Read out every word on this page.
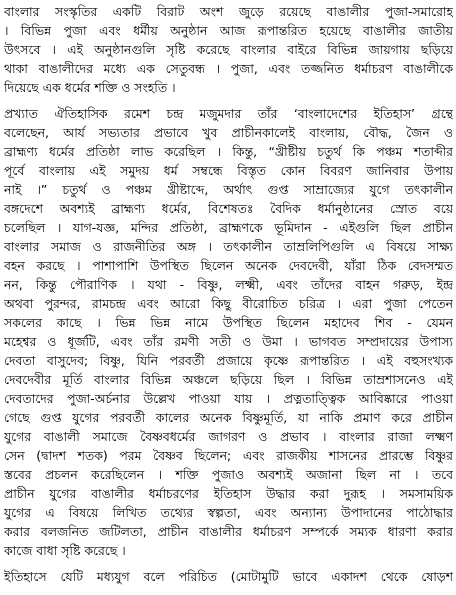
বাংলার সংস্কৃতির একটি বিরাট অংশ জুড়ে রয়েছে বাঙালীর পুজা-সমারোহ
। বিভিন্ন পুজা এবং ধর্মীয় অনুষ্ঠান আজ রূপান্তরিত হয়েছে বাঙালীর জাতীয়
উৎসবে । এই অনুষ্ঠানগুলি সৃষ্টি করেছে বাংলার বাইরে বিভিন্ন জায়গায় ছড়িয়ে
থাকা বাঙালীদের মধ্যে এক সেতুবন্ধ । পুজা, এবং তজ্জনিত ধর্মাচরণ বাঙালীকে
দিয়েছে এক ধর্মের শক্তি ও সংহতি ।
প্রখ্যাত ঐতিহাসিক রমেশ চন্দ্র মজুমদার তাঁর ‘বাংলাদেশের ইতিহাস’ গ্রন্থে
বলেছেন, আর্য সভ্যতার প্রভাবে খুব প্রাচীনকালেই বাংলায়, বৌদ্ধ, জৈন ও
ব্রাহ্মণ্য ধর্মের প্রতিষ্ঠা লাভ করেছিল । কিন্তু, “খ্রীষ্টীয় চতুর্থ কি পঞ্চম শতাব্দীর
পূর্বে বাংলায় এই সমুদয় ধর্ম সম্বন্ধে বিস্তৃত কোন বিবরণ জানিবার উপায়
নাই ।” চতুর্থ ও পঞ্চম খ্রীষ্টাব্দে, অর্থাৎ গুপ্ত সাম্রাজ্যের যুগে তৎকালীন
বঙ্গদেশে অবশ্যই ব্রাহ্মণ্য ধর্মের, বিশেষতঃ বৈদিক ধর্মানুষ্ঠানের স্রোত বয়ে
চলেছিল । যাগ-যজ্ঞ, মন্দির প্রতিষ্ঠা, ব্রাহ্মণকে ভূমিদান - এইগুলি ছিল প্রাচীন
বাংলার সমাজ ও রাজনীতির অঙ্গ । তৎকালীন তাম্রলিপিগুলি এ বিষয়ে সাক্ষ্য
বহন করছে । পাশাপাশি উপস্থিত ছিলেন অনেক দেবদেবী, যাঁরা ঠিক বেদসম্মত
নন, কিন্তু পৌরাণিক । যথা - বিষ্ণু, লক্ষ্মী, এবং তাঁদের বাহন গরুড়, ইন্দ্র
অথবা পুরন্দর, রামচন্দ্র এবং আরো কিছু বীরোচিত চরিত্র । এরা পুজা পেতেন
সকলের কাছে । ভিন্ন ভিন্ন নামে উপস্থিত ছিলেন মহাদেব শিব - যেমন
মহেশ্বর ও ধূর্জটি, এবং তাঁর রমণী সতী ও উমা । ভাগবত সম্প্রদায়ের উপাস্য
দেবতা বাসুদেব; বিষ্ণু, যিনি পরবর্তী প্রজায়ে কৃষ্ণে রূপান্তরিত । এই বহুসংখ্যক
দেবদেবীর মূর্তি বাংলার বিভিন্ন অঞ্চলে ছড়িয়ে ছিল । বিভিন্ন তাম্রশাসনেও এই
দেবতাদের পুজা-অর্চনার উল্লেখ পাওয়া যায় । প্রত্নতাত্ত্বিক আবিষ্কারে পাওয়া
গেছে গুপ্ত যুগের পরবর্তী কালের অনেক বিষ্ণুমূর্তি, যা নাকি প্রমাণ করে প্রাচীন
যুগের বাঙালী সমাজে বৈষ্ণবধর্মের জাগরণ ও প্রভাব । বাংলার রাজা লক্ষ্মণ
সেন (দ্বাদশ শতক) পরম বৈষ্ণব ছিলেন; এবং রাজকীয় শাসনের প্রারম্ভে বিষ্ণুর
স্তবের প্রচলন করেছিলেন । শক্তি পুজাও অবশ্যই অজানা ছিল না । তবে
প্রাচীন যুগের বাঙালীর ধর্মাচরণের ইতিহাস উদ্ধার করা দুরূহ । সমসাময়িক
যুগের এ বিষয়ে লিখিত তথ্যের স্বল্পতা, এবং অন্যান্য উপাদানের পাঠোদ্ধার
করার বলজনিত জটিলতা, প্রাচীন বাঙালীর ধর্মাচরণ সম্পর্কে সম্যক ধারণা করার
কাজে বাধা সৃষ্টি করেছে ।
ইতিহাসে যেটি মধ্যযুগ বলে পরিচিত (মোটামুটি ভাবে একাদশ থেকে ষোড়শ
